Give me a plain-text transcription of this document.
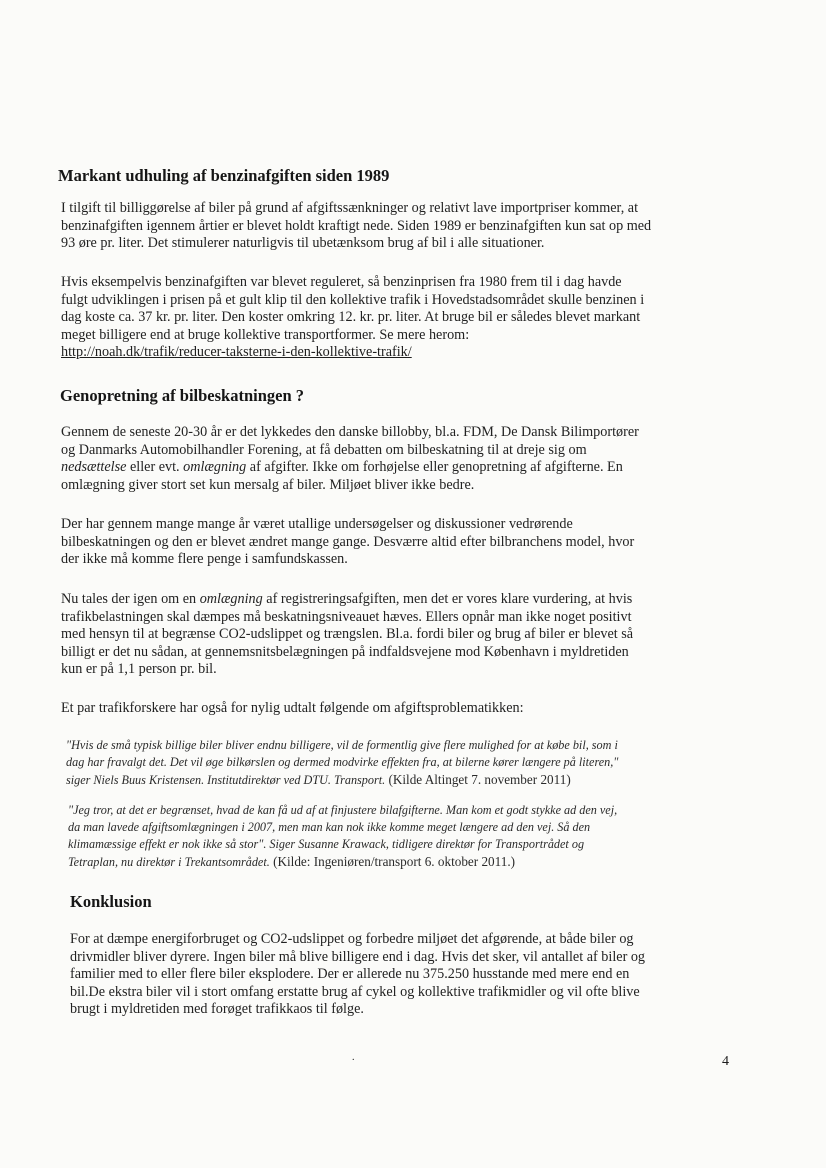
Markant udhuling af benzinafgiften siden 1989

I tilgift til billiggørelse af biler på grund af afgiftssænkninger og relativt lave importpriser kommer, at
benzinafgiften igennem årtier er blevet holdt kraftigt nede. Siden 1989 er benzinafgiften kun sat op med
93 øre pr. liter. Det stimulerer naturligvis til ubetænksom brug af bil i alle situationer.

Hvis eksempelvis benzinafgiften var blevet reguleret, så benzinprisen fra 1980 frem til i dag havde
fulgt udviklingen i prisen på et gult klip til den kollektive trafik i Hovedstadsområdet skulle benzinen i
dag koste ca. 37 kr. pr. liter. Den koster omkring 12. kr. pr. liter. At bruge bil er således blevet markant
meget billigere end at bruge kollektive transportformer. Se mere herom:
http://noah.dk/trafik/reducer-taksterne-i-den-kollektive-trafik/

Genopretning af bilbeskatningen ?

Gennem de seneste 20-30 år er det lykkedes den danske billobby, bl.a. FDM, De Dansk Bilimportører
og Danmarks Automobilhandler Forening, at få debatten om bilbeskatning til at dreje sig om
nedsættelse eller evt. omlægning af afgifter. Ikke om forhøjelse eller genopretning af afgifterne. En
omlægning giver stort set kun mersalg af biler. Miljøet bliver ikke bedre.

Der har gennem mange mange år været utallige undersøgelser og diskussioner vedrørende
bilbeskatningen og den er blevet ændret mange gange. Desværre altid efter bilbranchens model, hvor
der ikke må komme flere penge i samfundskassen.

Nu tales der igen om en omlægning af registreringsafgiften, men det er vores klare vurdering, at hvis
trafikbelastningen skal dæmpes må beskatningsniveauet hæves. Ellers opnår man ikke noget positivt
med hensyn til at begrænse CO2-udslippet og trængslen. Bl.a. fordi biler og brug af biler er blevet så
billigt er det nu sådan, at gennemsnitsbelægningen på indfaldsvejene mod København i myldretiden
kun er på 1,1 person pr. bil.

Et par trafikforskere har også for nylig udtalt følgende om afgiftsproblematikken:

"Hvis de små typisk billige biler bliver endnu billigere, vil de formentlig give flere mulighed for at købe bil, som i
dag har fravalgt det. Det vil øge bilkørslen og dermed modvirke effekten fra, at bilerne kører længere på literen,"
siger Niels Buus Kristensen. Institutdirektør ved DTU. Transport. (Kilde Altinget 7. november 2011)
"Jeg tror, at det er begrænset, hvad de kan få ud af at finjustere bilafgifterne. Man kom et godt stykke ad den vej,
da man lavede afgiftsomlægningen i 2007, men man kan nok ikke komme meget længere ad den vej. Så den
klimamæssige effekt er nok ikke så stor". Siger Susanne Krawack, tidligere direktør for Transportrådet og
Tetraplan, nu direktør i Trekantsområdet. (Kilde: Ingeniøren/transport 6. oktober 2011.)
Konklusion

For at dæmpe energiforbruget og CO2-udslippet og forbedre miljøet det afgørende, at både biler og
drivmidler bliver dyrere. Ingen biler må blive billigere end i dag. Hvis det sker, vil antallet af biler og
familier med to eller flere biler eksplodere. Der er allerede nu 375.250 husstande med mere end en
bil.De ekstra biler vil i stort omfang erstatte brug af cykel og kollektive trafikmidler og vil ofte blive
brugt i myldretiden med forøget trafikkaos til følge.

.	4
